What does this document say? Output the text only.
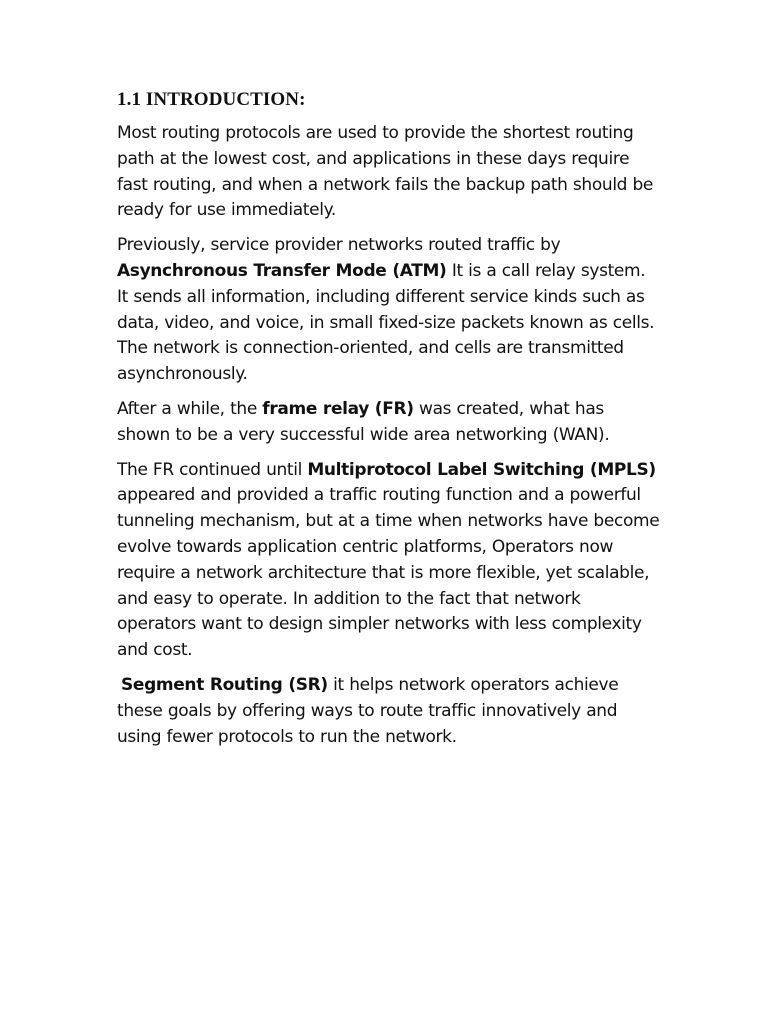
1.1 INTRODUCTION:

Most routing protocols are used to provide the shortest routing path at the lowest cost, and applications in these days require fast routing, and when a network fails the backup path should be ready for use immediately.

Previously, service provider networks routed traffic by Asynchronous Transfer Mode (ATM) It is a call relay system. It sends all information, including different service kinds such as data, video, and voice, in small fixed-size packets known as cells. The network is connection-oriented, and cells are transmitted asynchronously.

After a while, the frame relay (FR) was created, what has shown to be a very successful wide area networking (WAN).

The FR continued until Multiprotocol Label Switching (MPLS) appeared and provided a traffic routing function and a powerful tunneling mechanism, but at a time when networks have become evolve towards application centric platforms, Operators now require a network architecture that is more flexible, yet scalable, and easy to operate. In addition to the fact that network operators want to design simpler networks with less complexity and cost.

Segment Routing (SR) it helps network operators achieve these goals by offering ways to route traffic innovatively and using fewer protocols to run the network.
